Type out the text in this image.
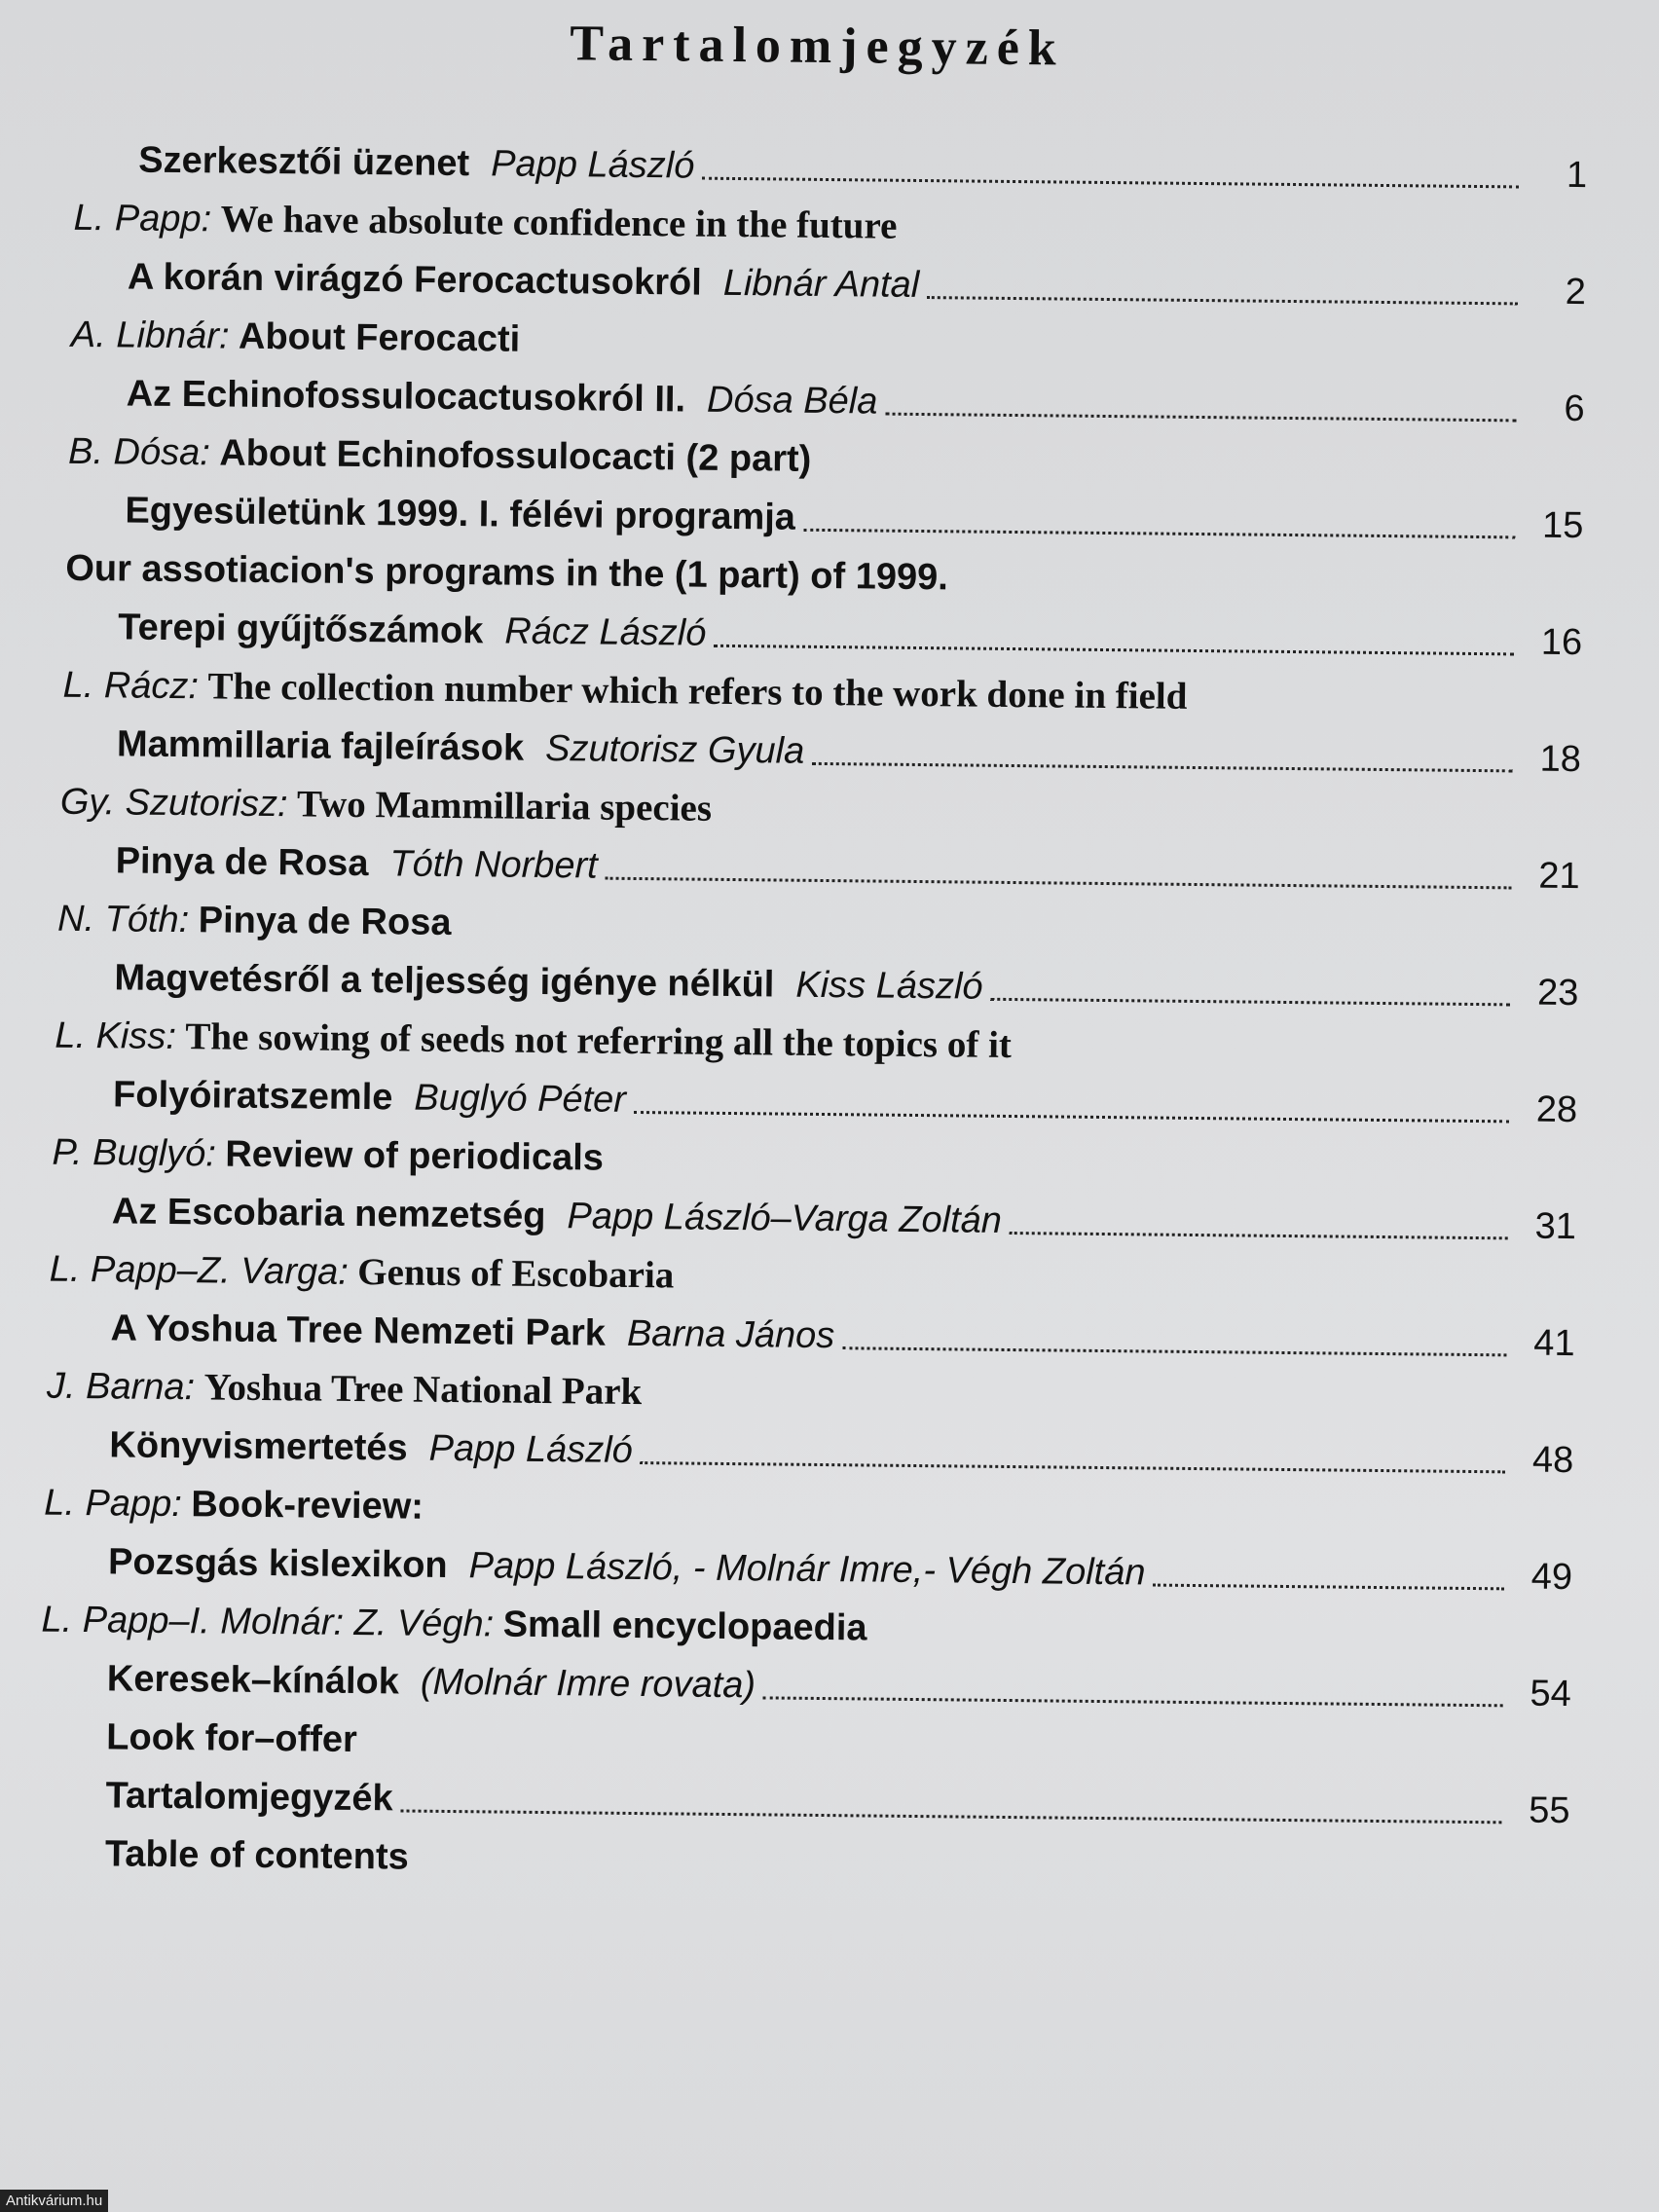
Tartalomjegyzék
Szerkesztői üzenet Papp László	1
L. Papp: We have absolute confidence in the future
A korán virágzó Ferocactusokról Libnár Antal	2
A. Libnár: About Ferocacti
Az Echinofossulocactusokról II. Dósa Béla	6
B. Dósa: About Echinofossulocacti (2 part)
Egyesületünk 1999. I. félévi programja	15
Our assotiacion's programs in the (1 part) of 1999.
Terepi gyűjtőszámok Rácz László	16
L. Rácz: The collection number which refers to the work done in field
Mammillaria fajleírások Szutorisz Gyula	18
Gy. Szutorisz: Two Mammillaria species
Pinya de Rosa Tóth Norbert	21
N. Tóth: Pinya de Rosa
Magvetésről a teljesség igénye nélkül Kiss László	23
L. Kiss: The sowing of seeds not referring all the topics of it
Folyóiratszemle Buglyó Péter	28
P. Buglyó: Review of periodicals
Az Escobaria nemzetség Papp László–Varga Zoltán	31
L. Papp–Z. Varga: Genus of Escobaria
A Yoshua Tree Nemzeti Park Barna János	41
J. Barna: Yoshua Tree National Park
Könyvismertetés Papp László	48
L. Papp: Book-review:
Pozsgás kislexikon Papp László, - Molnár Imre,- Végh Zoltán	49
L. Papp–I. Molnár: Z. Végh: Small encyclopaedia
Keresek–kínálok (Molnár Imre rovata)	54
Look for–offer
Tartalomjegyzék	55
Table of contents
Antikvárium.hu
